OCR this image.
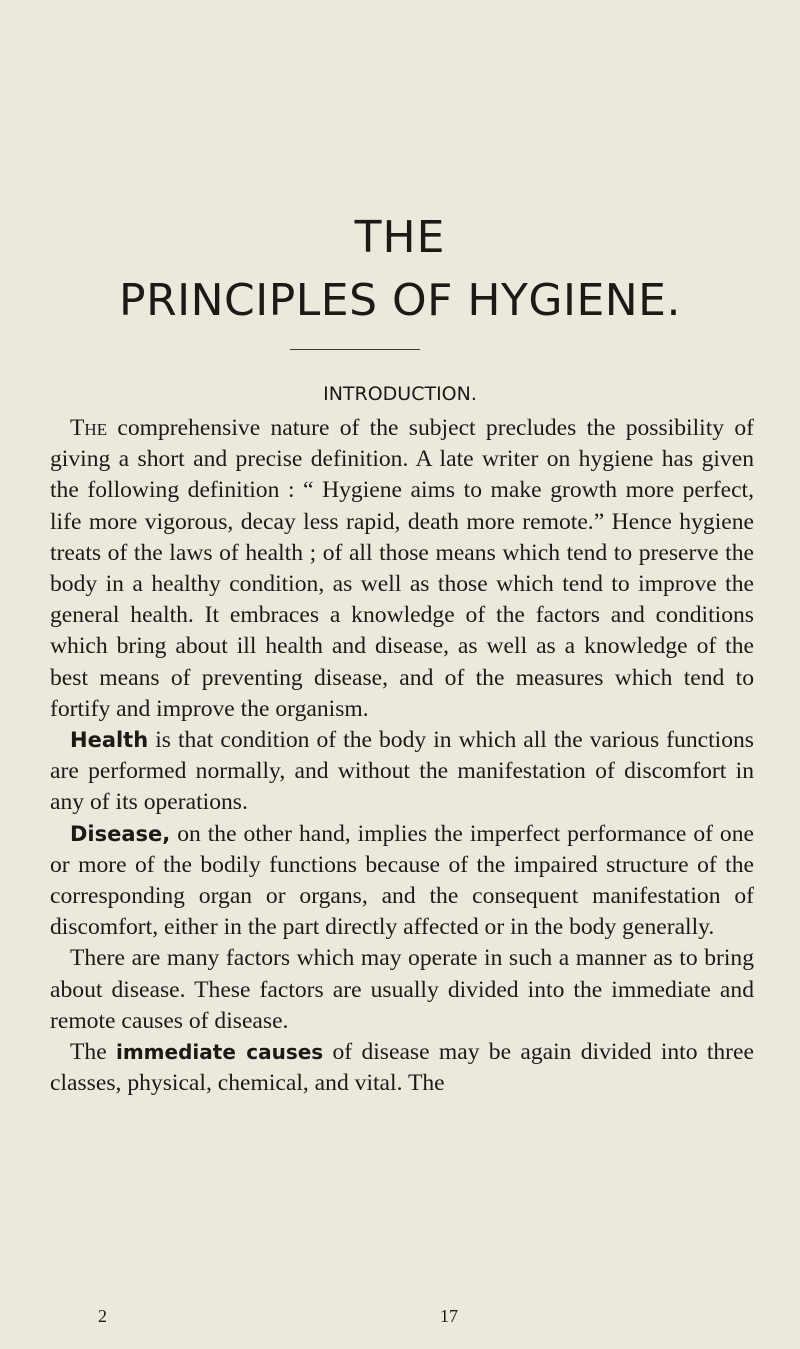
THE
PRINCIPLES OF HYGIENE.
INTRODUCTION.

The comprehensive nature of the subject precludes the possibility of giving a short and precise definition. A late writer on hygiene has given the following definition : “ Hygiene aims to make growth more perfect, life more vigorous, decay less rapid, death more remote.” Hence hygiene treats of the laws of health ; of all those means which tend to preserve the body in a healthy condition, as well as those which tend to improve the general health. It embraces a knowledge of the factors and conditions which bring about ill health and disease, as well as a knowledge of the best means of preventing disease, and of the measures which tend to fortify and improve the organism.

Health is that condition of the body in which all the various functions are performed normally, and without the manifestation of discomfort in any of its operations.

Disease, on the other hand, implies the imperfect performance of one or more of the bodily functions because of the impaired structure of the corresponding organ or organs, and the consequent manifestation of discomfort, either in the part directly affected or in the body generally.

There are many factors which may operate in such a manner as to bring about disease. These factors are usually divided into the immediate and remote causes of disease.

The immediate causes of disease may be again divided into three classes, physical, chemical, and vital. The

2	17
